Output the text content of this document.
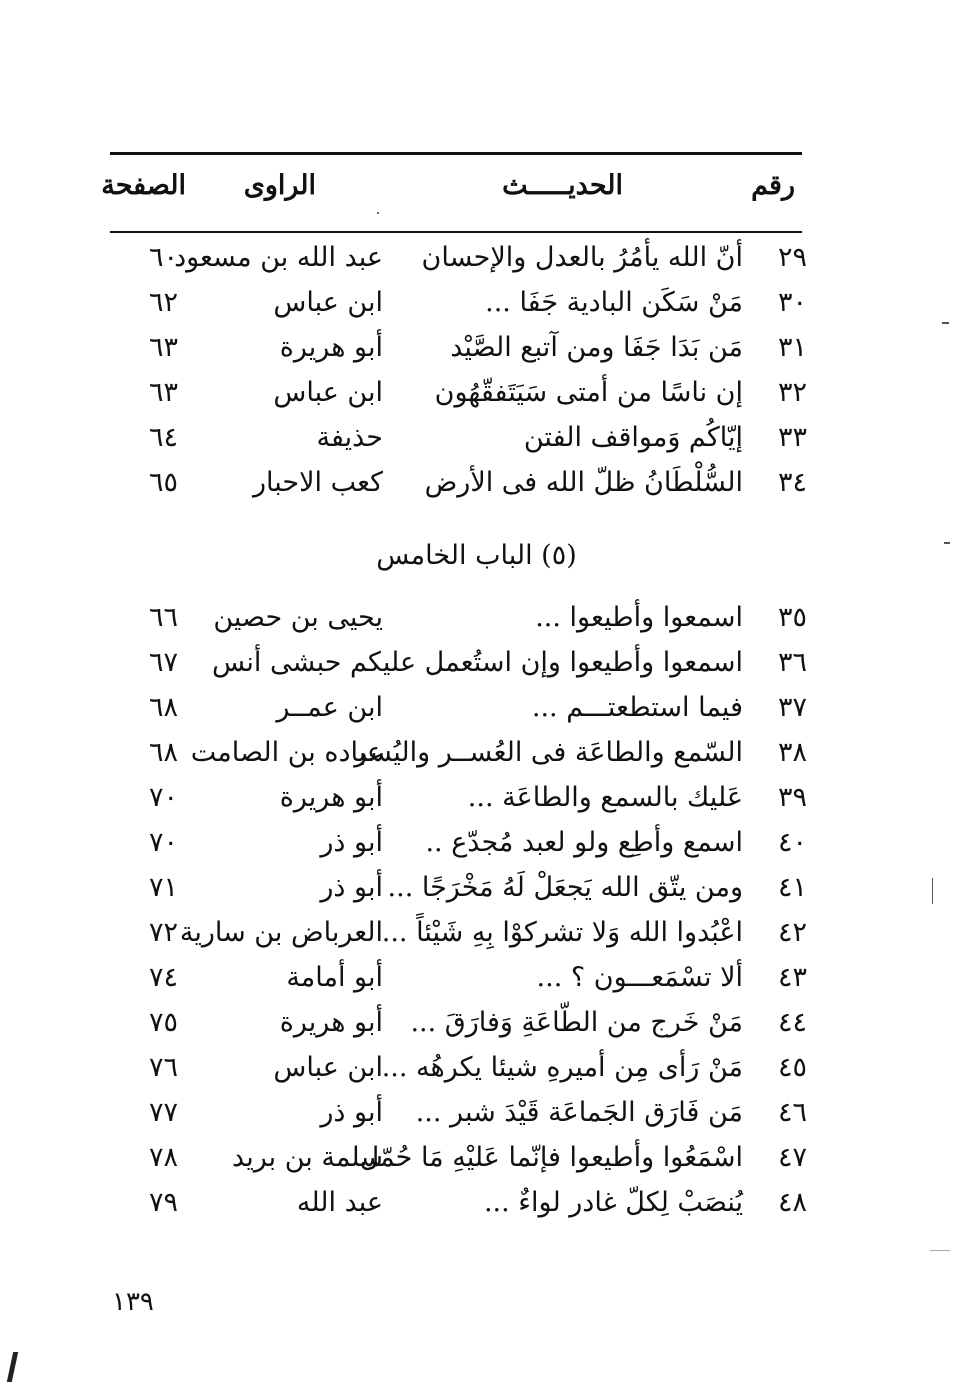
رقم
الحديـــــث
الراوى
الصفحة
٢٩
أنّ الله يأمُرُ بالعدل والإحسان
عبد الله بن مسعود
٦٠
٣٠
مَنْ سَكَن البادية جَفَا ...
ابن عباس
٦٢
٣١
مَن بَدَا جَفَا ومن آتبع الصَّيْد
أبو هريرة
٦٣
٣٢
إن ناسًا من أمتى سَيَتَفقّهُون
ابن عباس
٦٣
٣٣
إيّاكُم وَمواقف الفتن
حذيفة
٦٤
٣٤
السُّلْطَانُ ظلّ الله فى الأرض
كعب الاحبار
٦٥
(٥) الباب الخامس
٣٥
اسمعوا وأطيعوا ...
يحيى بن حصين
٦٦
٣٦
اسمعوا وأطيعوا وإن استُعمل عليكم حبشى أنس
٦٧
٣٧
فيما استطعتـــم ...
ابن عمــر
٦٨
٣٨
السّمع والطاعَة فى العُســر واليُسر
عباده بن الصامت
٦٨
٣٩
عَليك بالسمع والطاعَة ...
أبو هريرة
٧٠
٤٠
اسمع وأطِع ولو لعبد مُجدّع ..
أبو ذر
٧٠
٤١
ومن يتّق الله يَجعَلْ لَهُ مَخْرَجًا ...
أبو ذر
٧١
٤٢
اعْبُدوا الله وَلا تشركوْا بِهِ شَيْئاً ...
العرباض بن سارية
٧٢
٤٣
ألا تسْمَعـــون ؟ ...
أبو أمامة
٧٤
٤٤
مَنْ خَرج من الطّاعَةِ وَفارَقَ ...
أبو هريرة
٧٥
٤٥
مَنْ رَأى مِن أميرهِ شيئا يكرهُه ...
ابن عباس
٧٦
٤٦
مَن فَارَق الجَماعَة قَيْدَ شبر ...
أبو ذر
٧٧
٤٧
اسْمَعُوا وأطيعوا فإنّما عَليْهِ مَا حُمّل
سلمة بن بريد
٧٨
٤٨
يُنصَبْ لِكلّ غادر لواءٌ ...
عبد الله
٧٩
١٣٩
